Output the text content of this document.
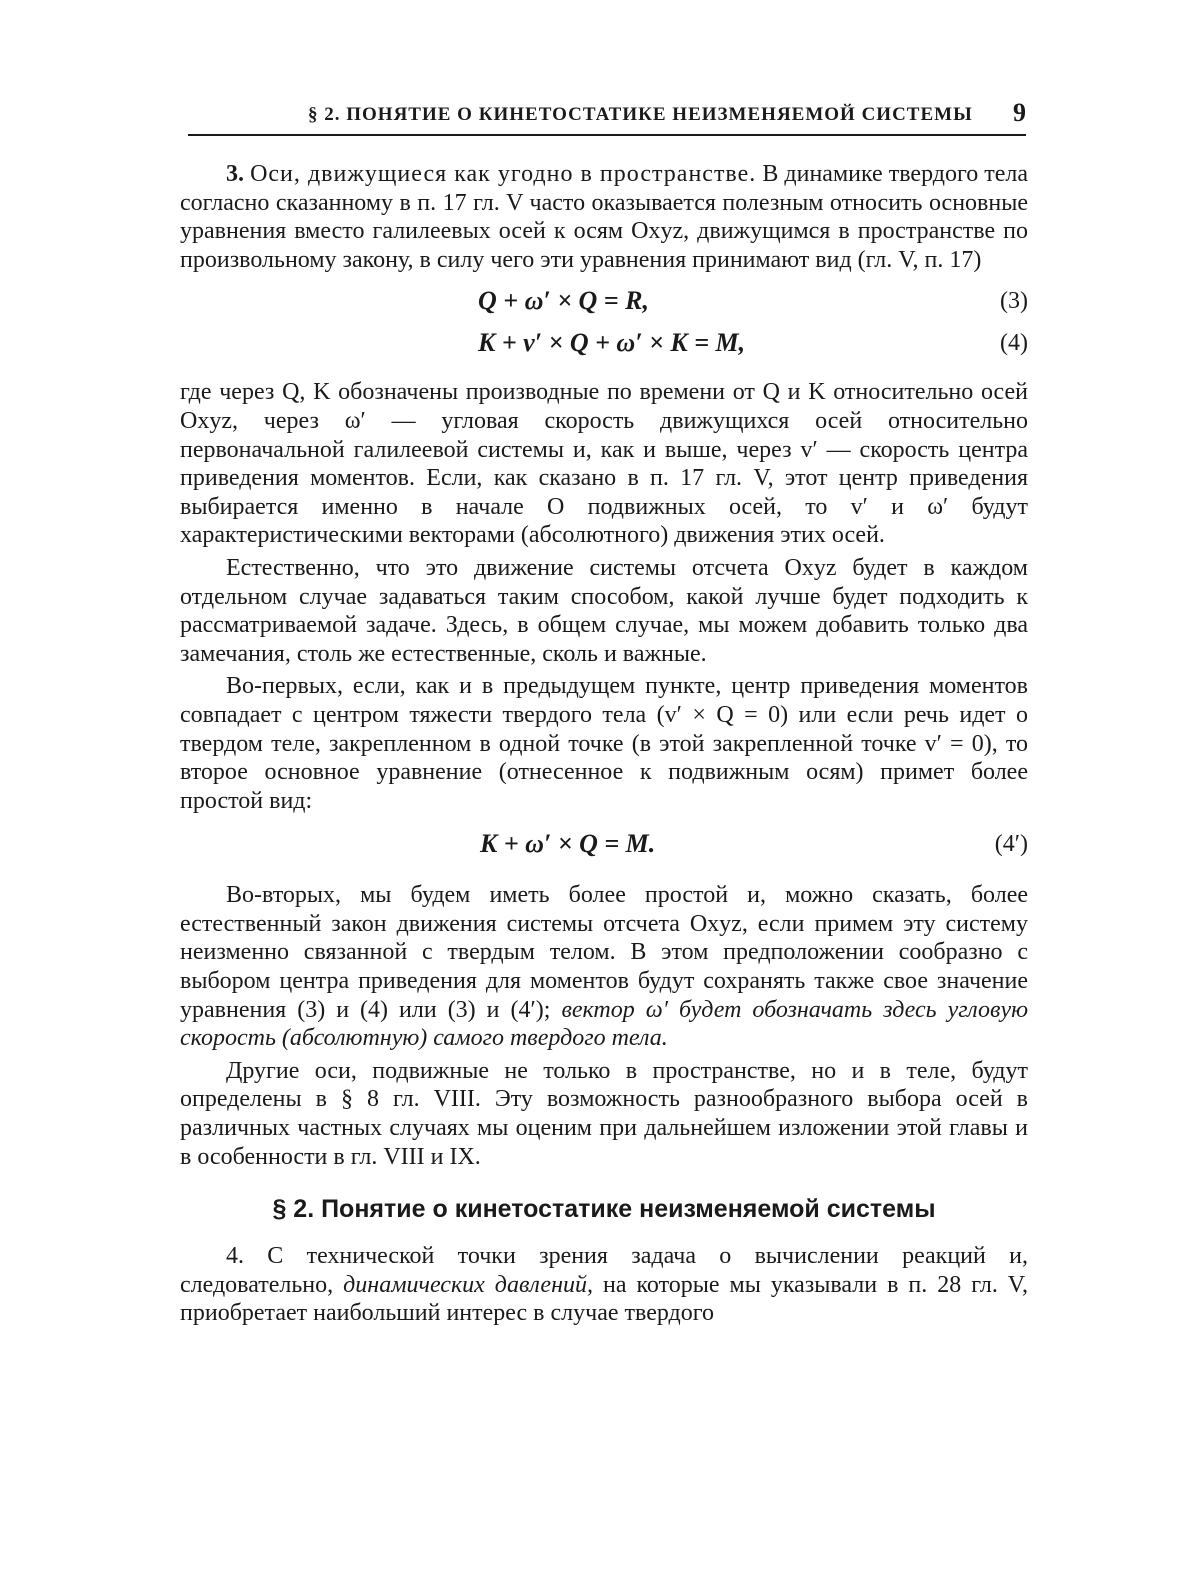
§ 2. ПОНЯТИЕ О КИНЕТОСТАТИКЕ НЕИЗМЕНЯЕМОЙ СИСТЕМЫ 9

3. Оси, движущиеся как угодно в пространстве. В динамике твердого тела согласно сказанному в п. 17 гл. V часто оказывается полезным относить основные уравнения вместо галилеевых осей к осям Oxyz, движущимся в пространстве по произвольному закону, в силу чего эти уравнения принимают вид (гл. V, п. 17)

Q + ω′ × Q = R,	(3)
K + v′ × Q + ω′ × K = M,	(4)

где через Q, K обозначены производные по времени от Q и K относительно осей Oxyz, через ω′ — угловая скорость движущихся осей относительно первоначальной галилеевой системы и, как и выше, через v′ — скорость центра приведения моментов. Если, как сказано в п. 17 гл. V, этот центр приведения выбирается именно в начале O подвижных осей, то v′ и ω′ будут характеристическими векторами (абсолютного) движения этих осей.

Естественно, что это движение системы отсчета Oxyz будет в каждом отдельном случае задаваться таким способом, какой лучше будет подходить к рассматриваемой задаче. Здесь, в общем случае, мы можем добавить только два замечания, столь же естественные, сколь и важные.

Во-первых, если, как и в предыдущем пункте, центр приведения моментов совпадает с центром тяжести твердого тела (v′ × Q = 0) или если речь идет о твердом теле, закрепленном в одной точке (в этой закрепленной точке v′ = 0), то второе основное уравнение (отнесенное к подвижным осям) примет более простой вид:

K + ω′ × Q = M.	(4′)

Во-вторых, мы будем иметь более простой и, можно сказать, более естественный закон движения системы отсчета Oxyz, если примем эту систему неизменно связанной с твердым телом. В этом предположении сообразно с выбором центра приведения для моментов будут сохранять также свое значение уравнения (3) и (4) или (3) и (4′); вектор ω′ будет обозначать здесь угловую скорость (абсолютную) самого твердого тела.

Другие оси, подвижные не только в пространстве, но и в теле, будут определены в § 8 гл. VIII. Эту возможность разнообразного выбора осей в различных частных случаях мы оценим при дальнейшем изложении этой главы и в особенности в гл. VIII и IX.

§ 2. Понятие о кинетостатике неизменяемой системы

4. С технической точки зрения задача о вычислении реакций и, следовательно, динамических давлений, на которые мы указывали в п. 28 гл. V, приобретает наибольший интерес в случае твердого
